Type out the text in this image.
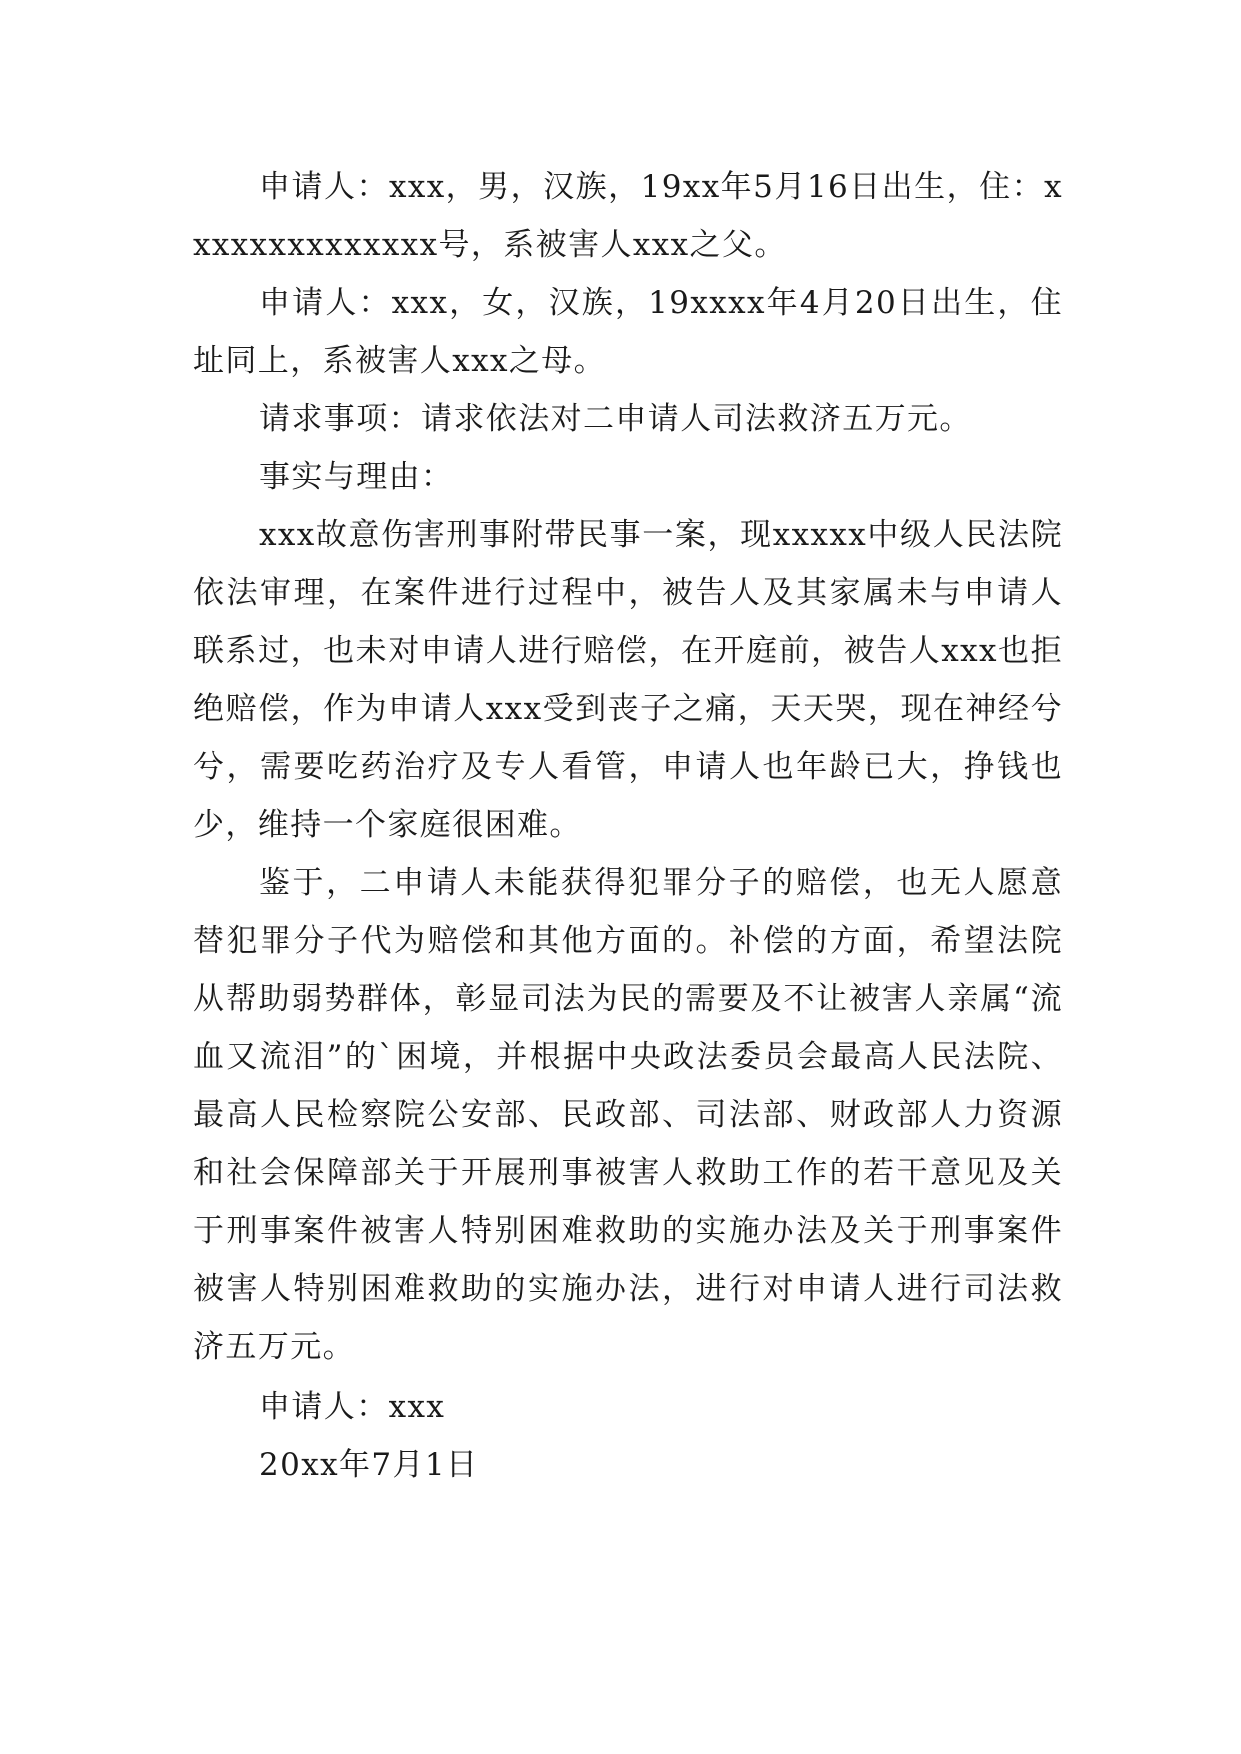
申请人：xxx，男，汉族，19xx年5月16日出生，住：xxxxxxxxxxxxxx号，系被害人xxx之父。

申请人：xxx，女，汉族，19xxxx年4月20日出生，住址同上，系被害人xxx之母。

请求事项：请求依法对二申请人司法救济五万元。

事实与理由：

xxx故意伤害刑事附带民事一案，现xxxxx中级人民法院依法审理，在案件进行过程中，被告人及其家属未与申请人联系过，也未对申请人进行赔偿，在开庭前，被告人xxx也拒绝赔偿，作为申请人xxx受到丧子之痛，天天哭，现在神经兮兮，需要吃药治疗及专人看管，申请人也年龄已大，挣钱也少，维持一个家庭很困难。

鉴于，二申请人未能获得犯罪分子的赔偿，也无人愿意替犯罪分子代为赔偿和其他方面的。补偿的方面，希望法院从帮助弱势群体，彰显司法为民的需要及不让被害人亲属“流血又流泪”的`困境，并根据中央政法委员会最高人民法院、最高人民检察院公安部、民政部、司法部、财政部人力资源和社会保障部关于开展刑事被害人救助工作的若干意见及关于刑事案件被害人特别困难救助的实施办法及关于刑事案件被害人特别困难救助的实施办法，进行对申请人进行司法救济五万元。

申请人：xxx

20xx年7月1日
